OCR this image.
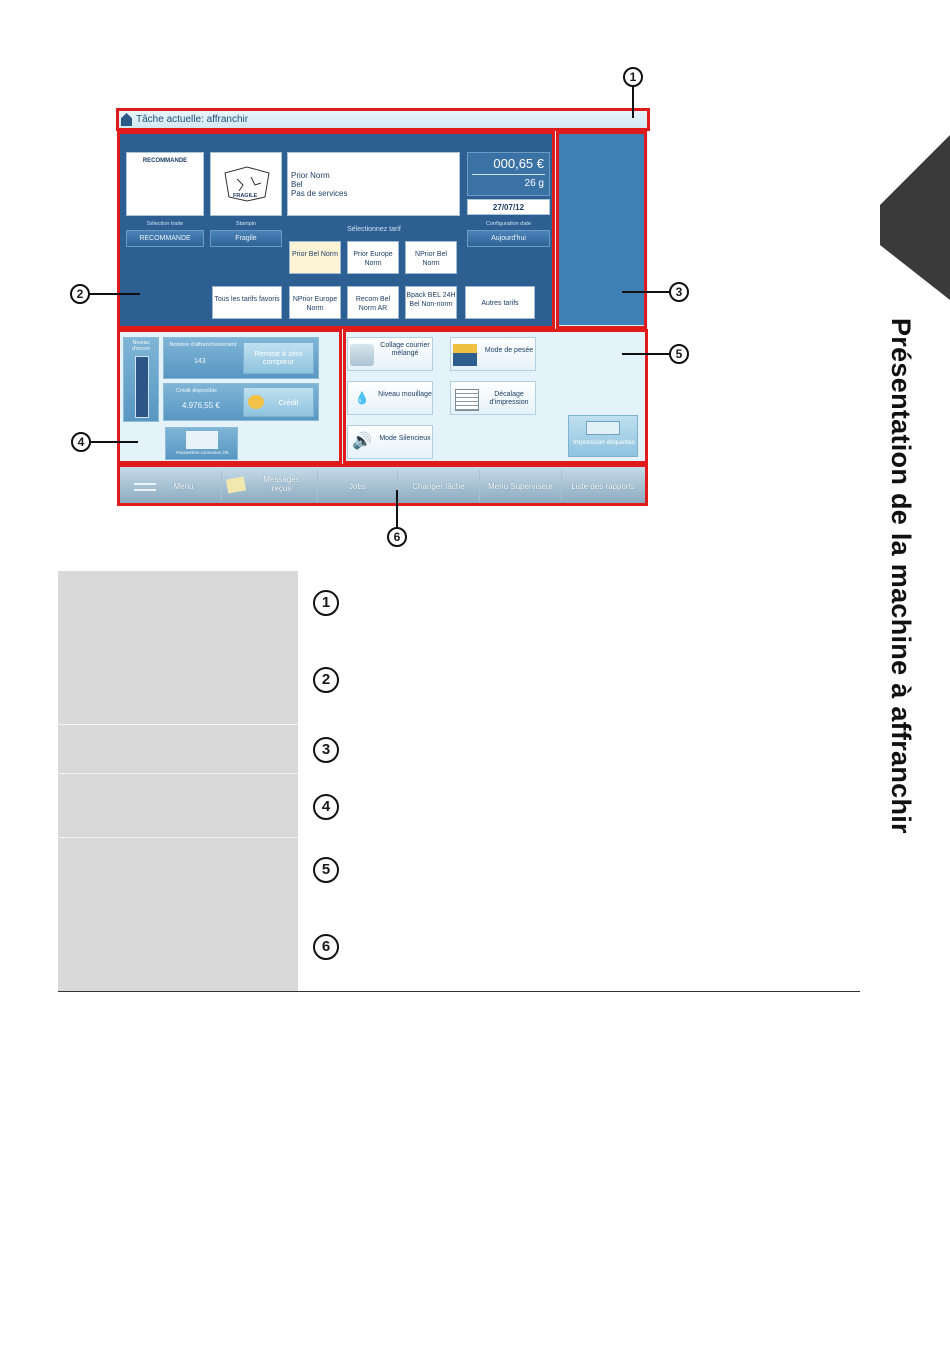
Présentation de la machine à affranchir
Tâche actuelle: affranchir
RECOMMANDE
FRAGILE
Prior Norm
Bel
Pas de services
000,65 €
26 g
27/07/12
Sélection traite
RECOMMANDE
Stampin
Fragile
Sélectionnez tarif
Configuration date
Aujourd'hui
Prior Bel Norm	Prior Europe Norm
NPrior Bel Norm
Tous les tarifs favoris	NPrior Europe Norm
Recom Bel Norm AR
Bpack BEL 24H Bel Non-norm	Autres tarifs
Niveau d'encre
Nombre d'affranchissement
143
Remise à zéro compteur
Crédit disponible
4.976,55 €	Crédit
Paramètres connexion OK
Collage courrier mélangé	Mode de pesée
💧	Niveau mouillage	Décalage d'impression
🔊	Mode Silencieux
Impression étiquettes
Menu
Messages reçus	Jobs	Changer tâche	Menu Superviseur	Liste des rapports
1
2	3
4
5
6
1
2
3
4
5
6
